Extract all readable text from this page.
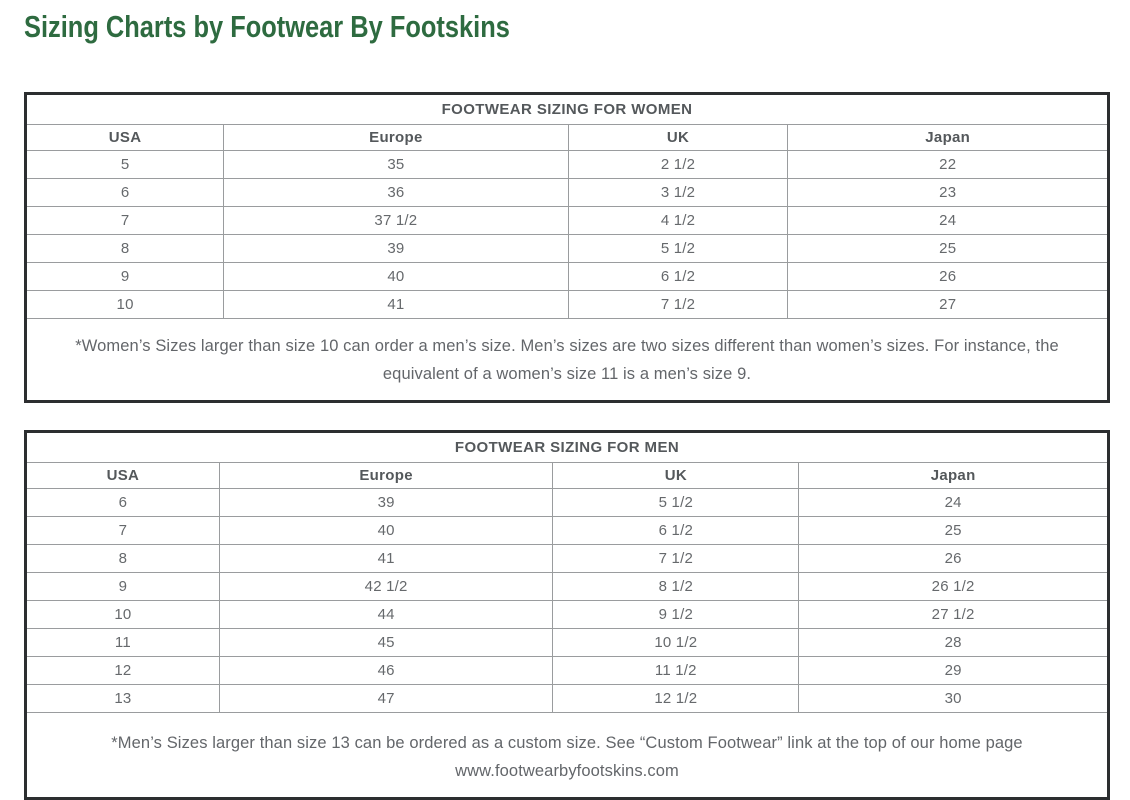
Sizing Charts by Footwear By Footskins
FOOTWEAR SIZING FOR WOMEN			
USA	Europe	UK	Japan
5	35	2 1/2	22
6	36	3 1/2	23
7	37 1/2	4 1/2	24
8	39	5 1/2	25
9	40	6 1/2	26
10	41	7 1/2	27
*Women’s Sizes larger than size 10 can order a men’s size. Men’s sizes are two sizes different than women’s sizes. For instance, the equivalent of a women’s size 11 is a men’s size 9.			
FOOTWEAR SIZING FOR MEN			
USA	Europe	UK	Japan
6	39	5 1/2	24
7	40	6 1/2	25
8	41	7 1/2	26
9	42 1/2	8 1/2	26 1/2
10	44	9 1/2	27 1/2
11	45	10 1/2	28
12	46	11 1/2	29
13	47	12 1/2	30
*Men’s Sizes larger than size 13 can be ordered as a custom size. See “Custom Footwear” link at the top of our home page www.footwearbyfootskins.com			
